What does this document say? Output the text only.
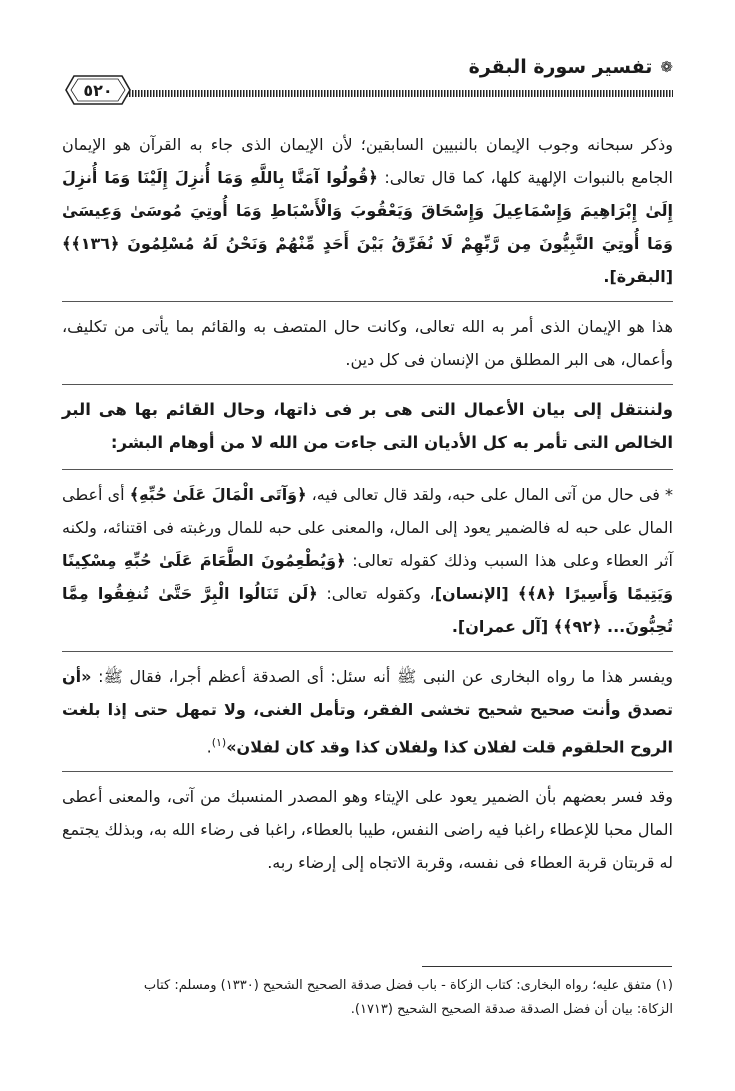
❁
تفسير سورة البقرة
٥٢٠

وذكر سبحانه وجوب الإيمان بالنبيين السابقين؛ لأن الإيمان الذى جاء به القرآن هو الإيمان الجامع بالنبوات الإلهية كلها، كما قال تعالى: ﴿قُولُوا آمَنَّا بِاللَّهِ وَمَا أُنزِلَ إِلَيْنَا وَمَا أُنزِلَ إِلَىٰ إِبْرَاهِيمَ وَإِسْمَاعِيلَ وَإِسْحَاقَ وَيَعْقُوبَ وَالْأَسْبَاطِ وَمَا أُوتِيَ مُوسَىٰ وَعِيسَىٰ وَمَا أُوتِيَ النَّبِيُّونَ مِن رَّبِّهِمْ لَا نُفَرِّقُ بَيْنَ أَحَدٍ مِّنْهُمْ وَنَحْنُ لَهُ مُسْلِمُونَ ﴿١٣٦﴾﴾ [البقرة].

هذا هو الإيمان الذى أمر به الله تعالى، وكانت حال المتصف به والقائم بما يأتى من تكليف، وأعمال، هى البر المطلق من الإنسان فى كل دين.

ولننتقل إلى بيان الأعمال التى هى بر فى ذاتها، وحال القائم بها هى البر الخالص التى تأمر به كل الأديان التى جاءت من الله لا من أوهام البشر:

* فى حال من آتى المال على حبه، ولقد قال تعالى فيه، ﴿وَآتَى الْمَالَ عَلَىٰ حُبِّهِ﴾ أى أعطى المال على حبه له فالضمير يعود إلى المال، والمعنى على حبه للمال ورغبته فى اقتنائه، ولكنه آثر العطاء وعلى هذا السبب وذلك كقوله تعالى: ﴿وَيُطْعِمُونَ الطَّعَامَ عَلَىٰ حُبِّهِ مِسْكِينًا وَيَتِيمًا وَأَسِيرًا ﴿٨﴾﴾ [الإنسان]، وكقوله تعالى: ﴿لَن تَنَالُوا الْبِرَّ حَتَّىٰ تُنفِقُوا مِمَّا تُحِبُّونَ... ﴿٩٢﴾﴾ [آل عمران].

ويفسر هذا ما رواه البخارى عن النبى ﷺ أنه سئل: أى الصدقة أعظم أجرا، فقال ﷺ: «أن تصدق وأنت صحيح شحيح تخشى الفقر، وتأمل الغنى، ولا تمهل حتى إذا بلغت الروح الحلقوم قلت لفلان كذا ولفلان كذا وقد كان لفلان»$^{(١)}$.

وقد فسر بعضهم بأن الضمير يعود على الإيتاء وهو المصدر المنسبك من آتى، والمعنى أعطى المال محبا للإعطاء راغبا فيه راضى النفس، طيبا بالعطاء، راغبا فى رضاء الله به، وبذلك يجتمع له قربتان قربة العطاء فى نفسه، وقربة الاتجاه إلى إرضاء ربه.

(١) متفق عليه؛ رواه البخارى: كتاب الزكاة - باب فضل صدقة الصحيح الشحيح (١٣٣٠) ومسلم: كتاب

الزكاة: بيان أن فضل الصدقة صدقة الصحيح الشحيح (١٧١٣).
